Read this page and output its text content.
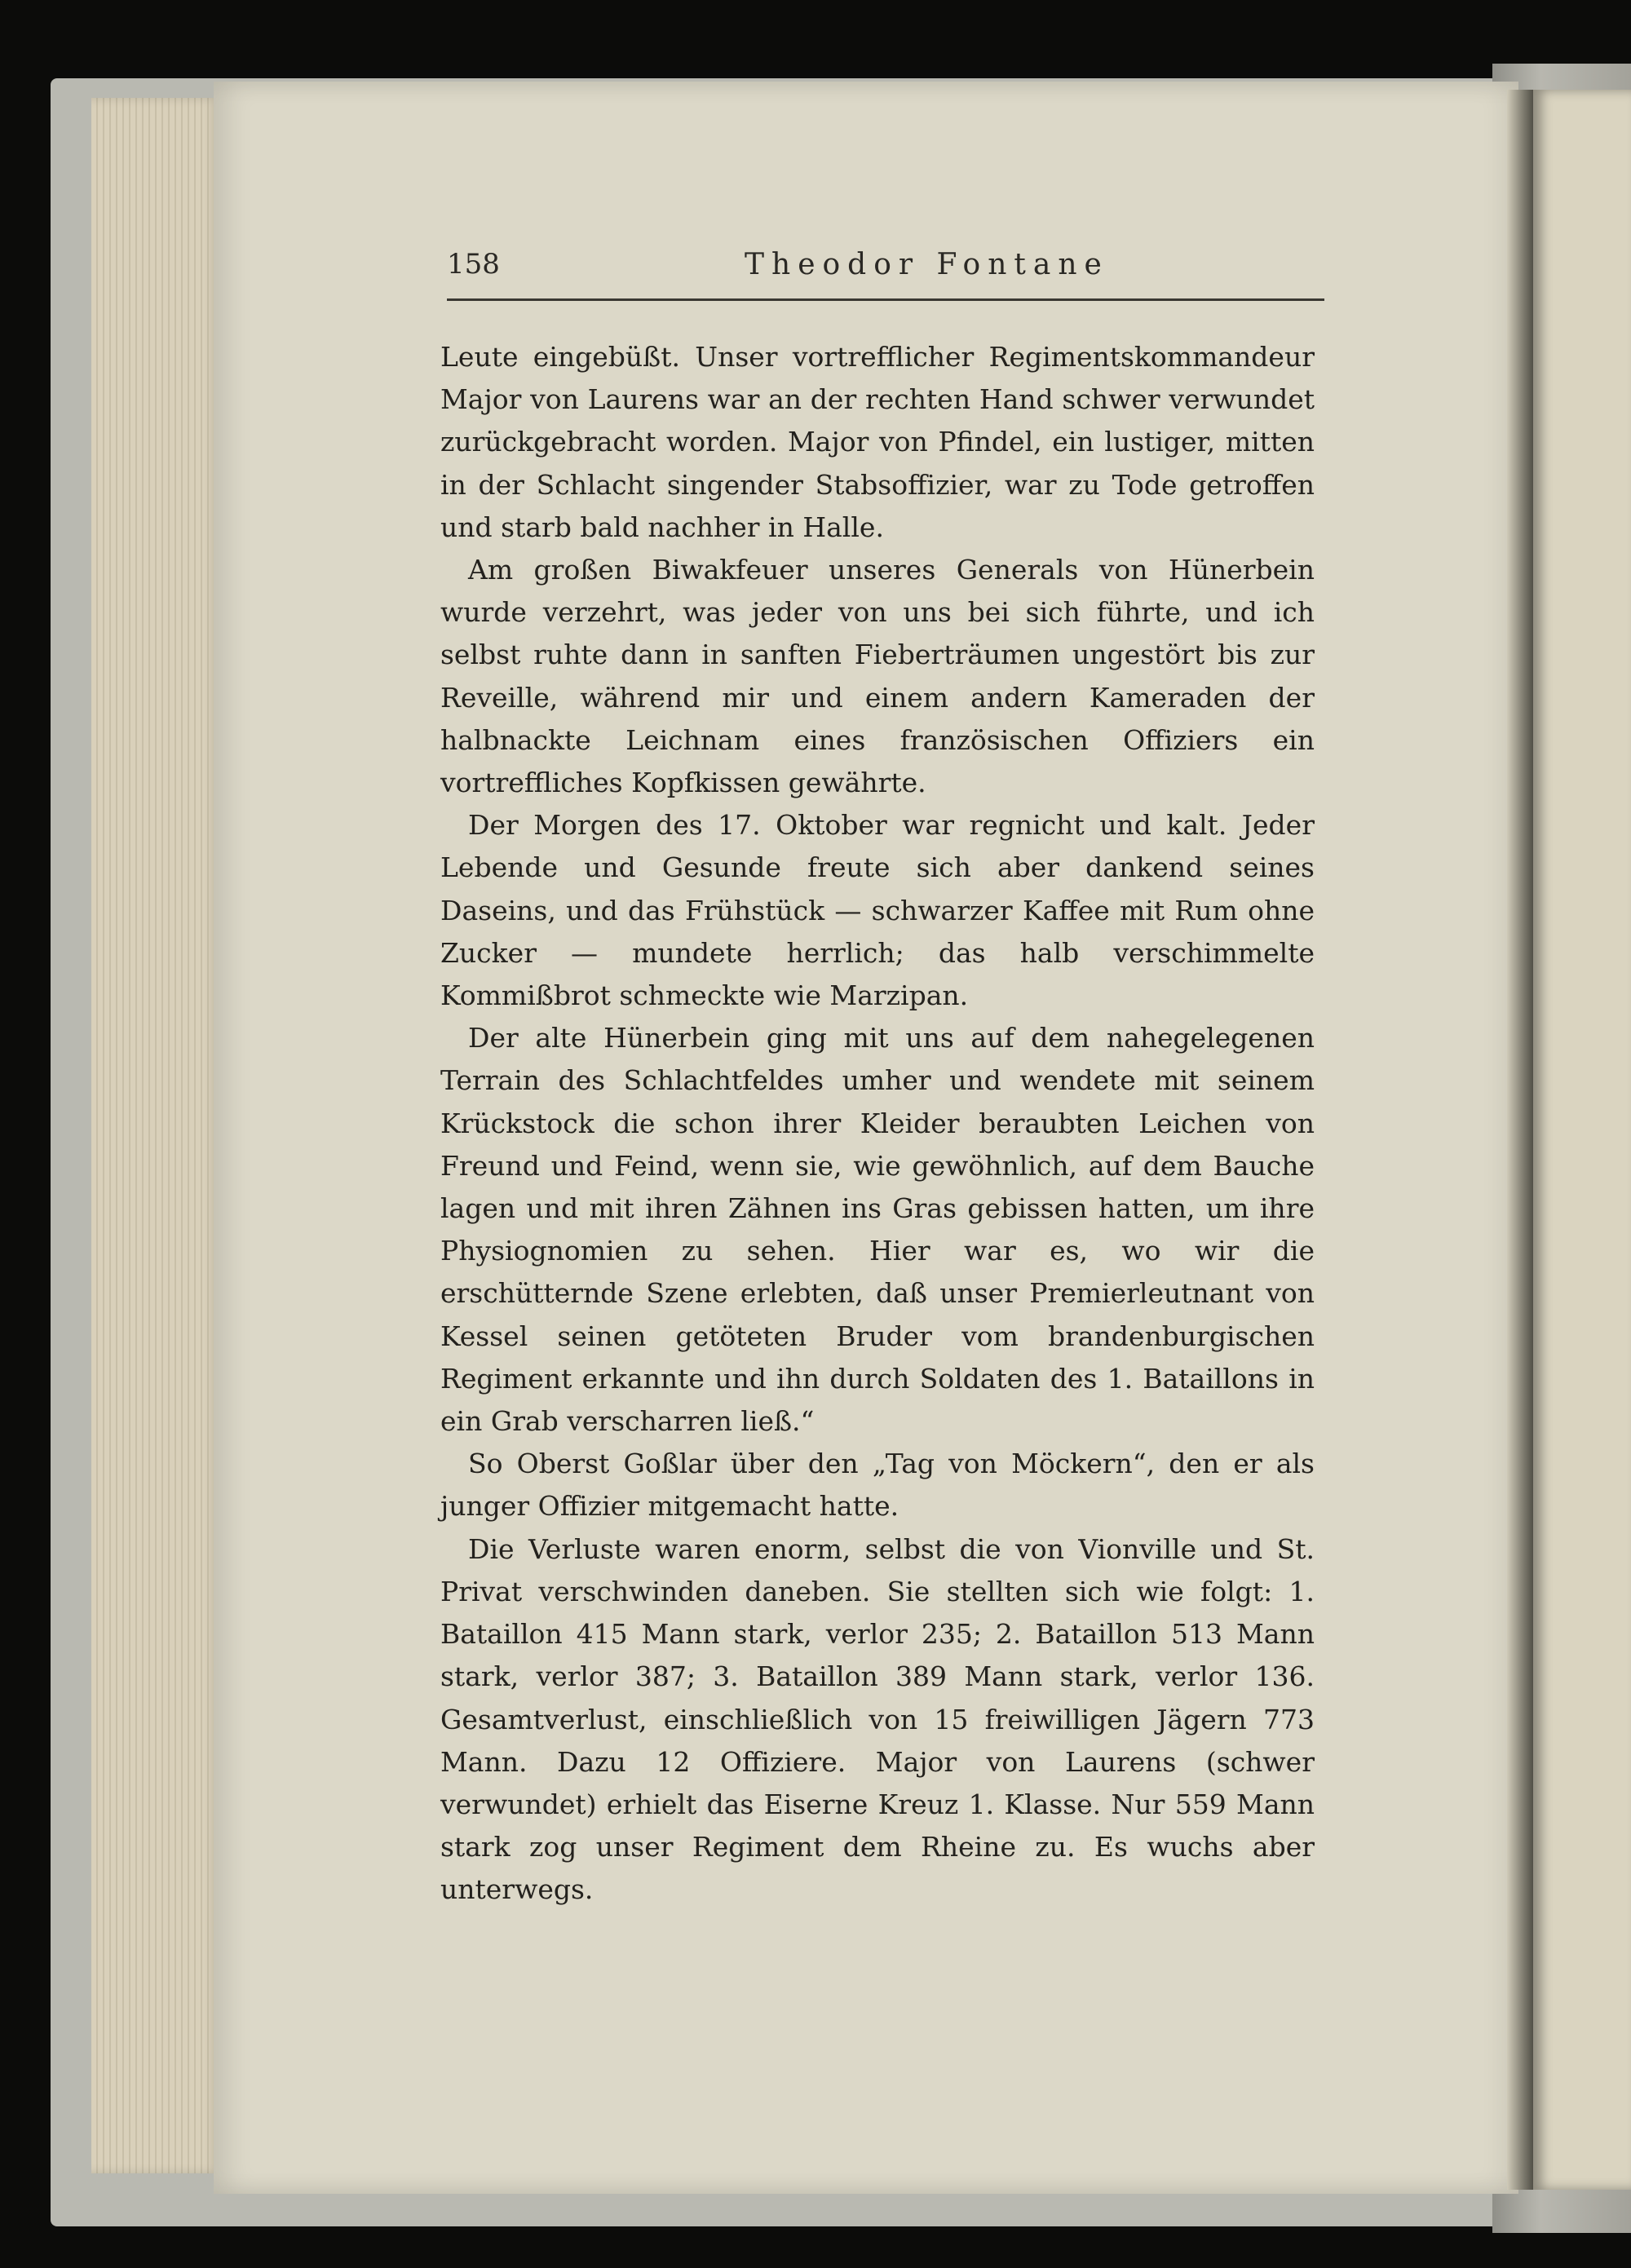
158	Theodor Fontane

Leute eingebüßt. Unser vortrefflicher Regimentskommandeur Major von Laurens war an der rechten Hand schwer verwundet zurückgebracht worden. Major von Pfindel, ein lustiger, mitten in der Schlacht singender Stabsoffizier, war zu Tode getroffen und starb bald nachher in Halle.

Am großen Biwakfeuer unseres Generals von Hünerbein wurde verzehrt, was jeder von uns bei sich führte, und ich selbst ruhte dann in sanften Fieberträumen ungestört bis zur Reveille, während mir und einem andern Kameraden der halbnackte Leichnam eines französischen Offiziers ein vortreffliches Kopfkissen gewährte.

Der Morgen des 17. Oktober war regnicht und kalt. Jeder Lebende und Gesunde freute sich aber dankend seines Daseins, und das Frühstück — schwarzer Kaffee mit Rum ohne Zucker — mundete herrlich; das halb verschimmelte Kommißbrot schmeckte wie Marzipan.

Der alte Hünerbein ging mit uns auf dem nahegelegenen Terrain des Schlachtfeldes umher und wendete mit seinem Krückstock die schon ihrer Kleider beraubten Leichen von Freund und Feind, wenn sie, wie gewöhnlich, auf dem Bauche lagen und mit ihren Zähnen ins Gras gebissen hatten, um ihre Physiognomien zu sehen. Hier war es, wo wir die erschütternde Szene erlebten, daß unser Premierleutnant von Kessel seinen getöteten Bruder vom brandenburgischen Regiment erkannte und ihn durch Soldaten des 1. Bataillons in ein Grab verscharren ließ.“

So Oberst Goßlar über den „Tag von Möckern“, den er als junger Offizier mitgemacht hatte.

Die Verluste waren enorm, selbst die von Vionville und St. Privat verschwinden daneben. Sie stellten sich wie folgt: 1. Bataillon 415 Mann stark, verlor 235; 2. Bataillon 513 Mann stark, verlor 387; 3. Bataillon 389 Mann stark, verlor 136. Gesamtverlust, einschließlich von 15 freiwilligen Jägern 773 Mann. Dazu 12 Offiziere. Major von Laurens (schwer verwundet) erhielt das Eiserne Kreuz 1. Klasse. Nur 559 Mann stark zog unser Regiment dem Rheine zu. Es wuchs aber unterwegs.
